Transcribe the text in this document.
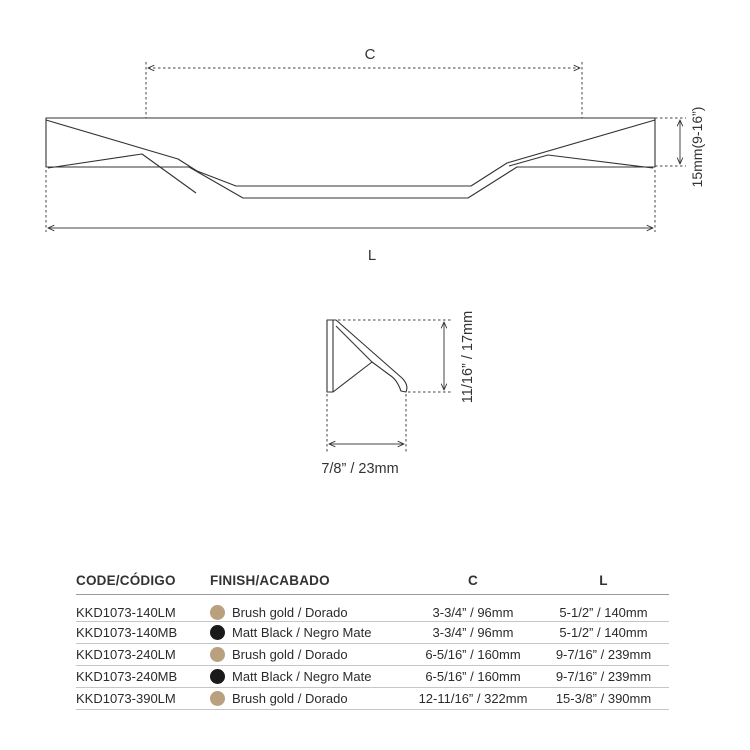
C
L
15mm(9-16”)
11/16” / 17mm
7/8” / 23mm
CODE/CÓDIGO	FINISH/ACABADO	C	L
KKD1073-140LM	Brush gold / Dorado	3-3/4” / 96mm	5-1/2” / 140mm
KKD1073-140MB	Matt Black / Negro Mate	3-3/4” / 96mm	5-1/2” / 140mm
KKD1073-240LM	Brush gold / Dorado	6-5/16” / 160mm	9-7/16” / 239mm
KKD1073-240MB	Matt Black / Negro Mate	6-5/16” / 160mm	9-7/16” / 239mm
KKD1073-390LM	Brush gold / Dorado	12-11/16” / 322mm	15-3/8” / 390mm
